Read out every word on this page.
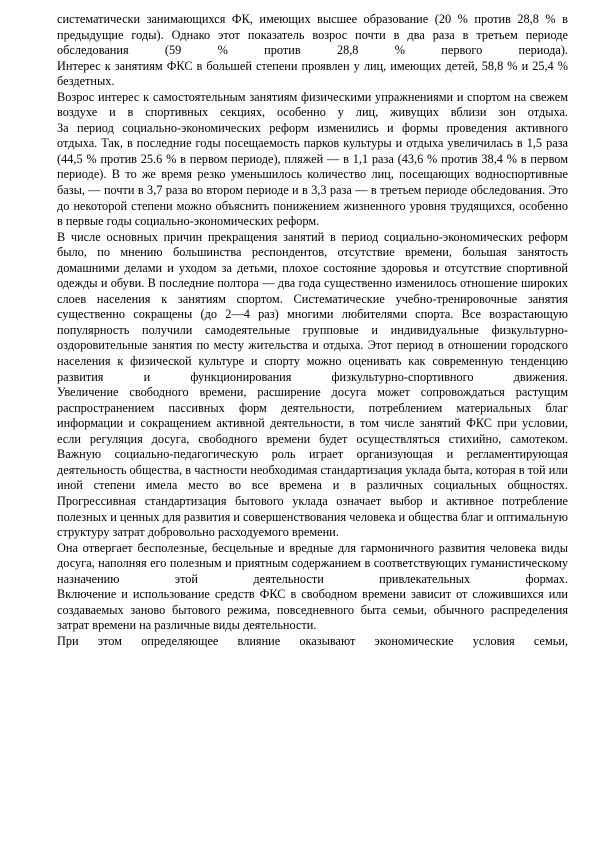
систематически занимающихся ФК, имеющих высшее образование (20 % против 28,8 % в предыдущие годы). Однако этот показатель возрос почти в два раза в третьем периоде обследования (59 % против 28,8 % первого периода).

Интерес к занятиям ФКС в большей степени проявлен у лиц, имеющих детей, 58,8 % и 25,4 % бездетных.

Возрос интерес к самостоятельным занятиям физическими упражнениями и спортом на свежем воздухе и в спортивных секциях, особенно у лиц, живущих вблизи зон отдыха.

За период социально-экономических реформ изменились и формы проведения активного отдыха. Так, в последние годы посещаемость парков культуры и отдыха увеличилась в 1,5 раза (44,5 % против 25.6 % в первом периоде), пляжей — в 1,1 раза (43,6 % против 38,4 % в первом периоде). В то же время резко уменьшилось количество лиц, посещающих водноспортивные базы, — почти в 3,7 раза во втором периоде и в 3,3 раза — в третьем периоде обследования. Это до некоторой степени можно объяснить понижением жизненного уровня трудящихся, особенно в первые годы социально-экономических реформ.

В числе основных причин прекращения занятий в период социально-экономических реформ было, по мнению большинства респондентов, отсутствие времени, большая занятость домашними делами и уходом за детьми, плохое состояние здоровья и отсутствие спортивной одежды и обуви. В последние полтора — два года существенно изменилось отношение широких слоев населения к занятиям спортом. Систематические учебно-тренировочные занятия существенно сокращены (до 2—4 раз) многими любителями спорта. Все возрастающую популярность получили самодеятельные групповые и индивидуальные физкультурно-оздоровительные занятия по месту жительства и отдыха. Этот период в отношении городского населения к физической культуре и спорту можно оценивать как современную тенденцию развития и функционирования физкультурно-спортивного движения.

Увеличение свободного времени, расширение досуга может сопровождаться растущим распространением пассивных форм деятельности, потреблением материальных благ информации и сокращением активной деятельности, в том числе занятий ФКС при условии, если регуляция досуга, свободного времени будет осуществляться стихийно, самотеком.

Важную социально-педагогическую роль играет организующая и регламентирующая деятельность общества, в частности необходимая стандартизация уклада быта, которая в той или иной степени имела место во все времена и в различных социальных общностях.

Прогрессивная стандартизация бытового уклада означает выбор и активное потребление полезных и ценных для развития и совершенствования человека и общества благ и оптимальную структуру затрат добровольно расходуемого времени.

Она отвергает бесполезные, бесцельные и вредные для гармоничного развития человека виды досуга, наполняя его полезным и приятным содержанием в соответствующих гуманистическому назначению этой деятельности привлекательных формах.

Включение и использование средств ФКС в свободном времени зависит от сложившихся или создаваемых заново бытового режима, повседневного быта семьи, обычного распределения затрат времени на различные виды деятельности.

При этом определяющее влияние оказывают экономические условия семьи,
